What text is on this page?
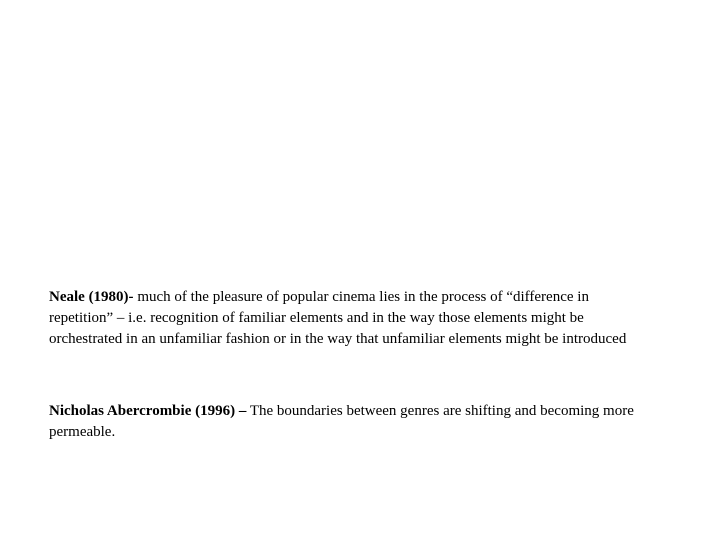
Neale (1980)- much of the pleasure of popular cinema lies in the process of “difference in repetition” – i.e. recognition of familiar elements and in the way those elements might be orchestrated in an unfamiliar fashion or in the way that unfamiliar elements might be introduced

Nicholas Abercrombie (1996) – The boundaries between genres are shifting and becoming more permeable.
